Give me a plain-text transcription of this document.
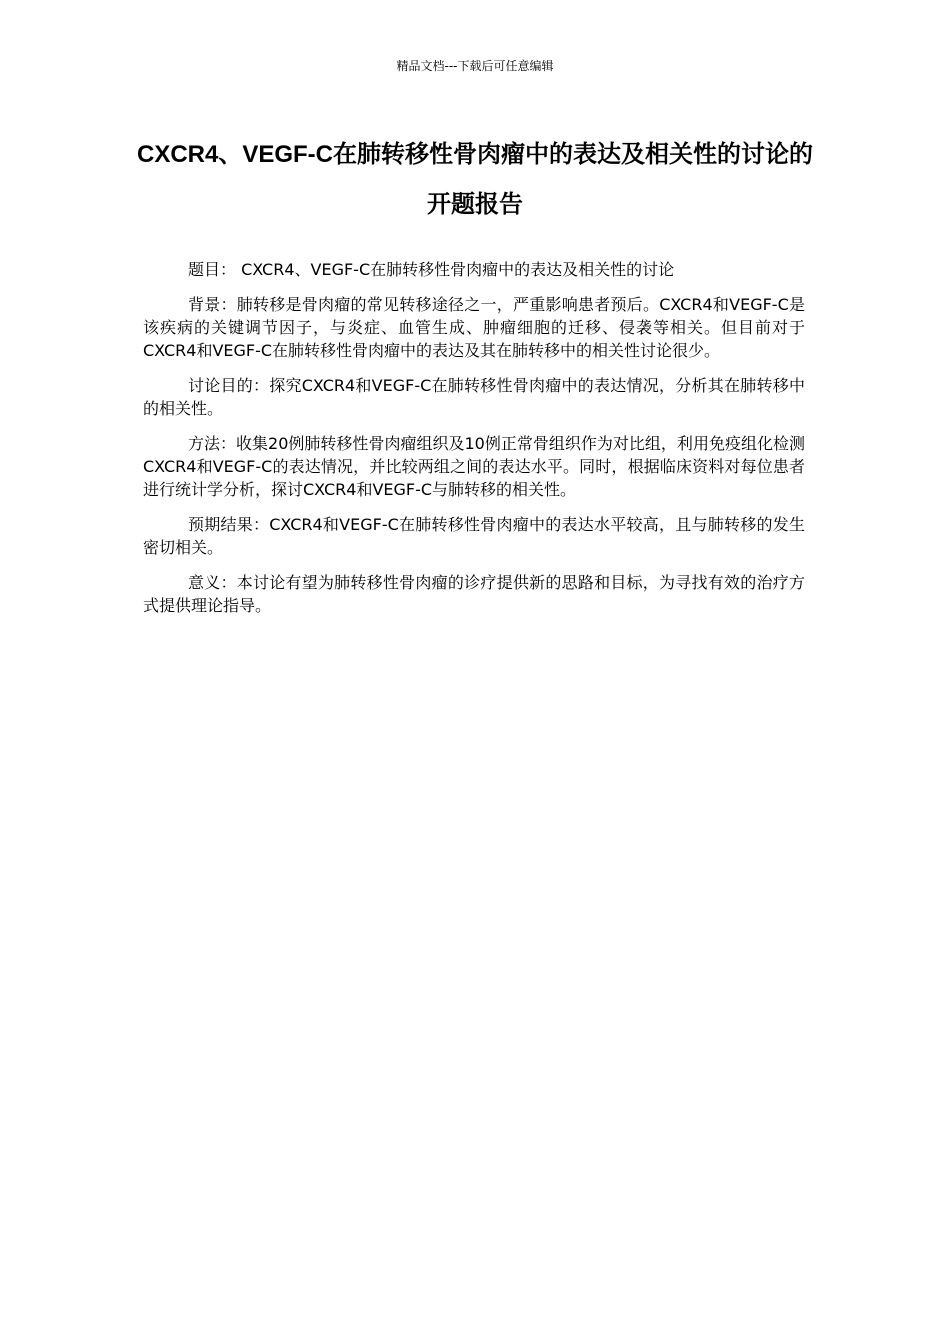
精品文档---下载后可任意编辑
CXCR4、VEGF-C在肺转移性骨肉瘤中的表达及相关性的讨论的开题报告

题目： CXCR4、VEGF-C在肺转移性骨肉瘤中的表达及相关性的讨论

背景：肺转移是骨肉瘤的常见转移途径之一，严重影响患者预后。CXCR4和VEGF-C是该疾病的关键调节因子，与炎症、血管生成、肿瘤细胞的迁移、侵袭等相关。但目前对于CXCR4和VEGF-C在肺转移性骨肉瘤中的表达及其在肺转移中的相关性讨论很少。

讨论目的：探究CXCR4和VEGF-C在肺转移性骨肉瘤中的表达情况，分析其在肺转移中的相关性。

方法：收集20例肺转移性骨肉瘤组织及10例正常骨组织作为对比组，利用免疫组化检测CXCR4和VEGF-C的表达情况，并比较两组之间的表达水平。同时，根据临床资料对每位患者进行统计学分析，探讨CXCR4和VEGF-C与肺转移的相关性。

预期结果：CXCR4和VEGF-C在肺转移性骨肉瘤中的表达水平较高，且与肺转移的发生密切相关。

意义：本讨论有望为肺转移性骨肉瘤的诊疗提供新的思路和目标，为寻找有效的治疗方式提供理论指导。
